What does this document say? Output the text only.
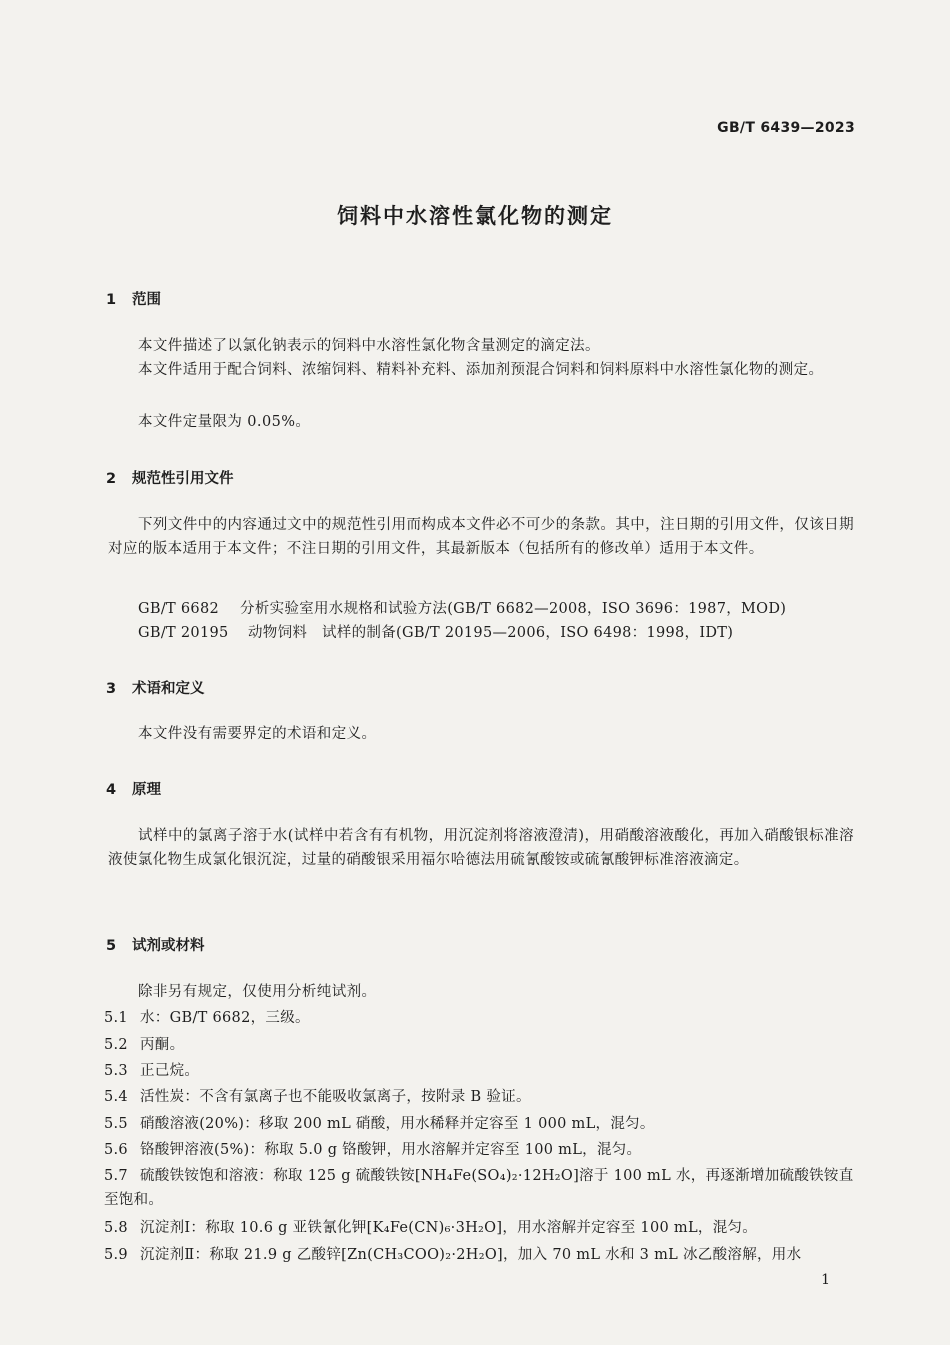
GB/T 6439—2023
饲料中水溶性氯化物的测定
1 范围
本文件描述了以氯化钠表示的饲料中水溶性氯化物含量测定的滴定法。
本文件适用于配合饲料、浓缩饲料、精料补充料、添加剂预混合饲料和饲料原料中水溶性氯化物的测定。
本文件定量限为 0.05%。
2 规范性引用文件
下列文件中的内容通过文中的规范性引用而构成本文件必不可少的条款。其中，注日期的引用文件，仅该日期对应的版本适用于本文件；不注日期的引用文件，其最新版本（包括所有的修改单）适用于本文件。
GB/T 6682 分析实验室用水规格和试验方法(GB/T 6682—2008，ISO 3696：1987，MOD)
GB/T 20195 动物饲料　试样的制备(GB/T 20195—2006，ISO 6498：1998，IDT)
3 术语和定义
本文件没有需要界定的术语和定义。
4 原理
试样中的氯离子溶于水(试样中若含有有机物，用沉淀剂将溶液澄清)，用硝酸溶液酸化，再加入硝酸银标准溶液使氯化物生成氯化银沉淀，过量的硝酸银采用福尔哈德法用硫氰酸铵或硫氰酸钾标准溶液滴定。
5 试剂或材料
除非另有规定，仅使用分析纯试剂。
5.1 水：GB/T 6682，三级。
5.2 丙酮。
5.3 正己烷。
5.4 活性炭：不含有氯离子也不能吸收氯离子，按附录 B 验证。
5.5 硝酸溶液(20%)：移取 200 mL 硝酸，用水稀释并定容至 1 000 mL，混匀。
5.6 铬酸钾溶液(5%)：称取 5.0 g 铬酸钾，用水溶解并定容至 100 mL，混匀。
5.7 硫酸铁铵饱和溶液：称取 125 g 硫酸铁铵[NH₄Fe(SO₄)₂·12H₂O]溶于 100 mL 水，再逐渐增加硫酸铁铵直至饱和。
5.8 沉淀剂Ⅰ：称取 10.6 g 亚铁氰化钾[K₄Fe(CN)₆·3H₂O]，用水溶解并定容至 100 mL，混匀。
5.9 沉淀剂Ⅱ：称取 21.9 g 乙酸锌[Zn(CH₃COO)₂·2H₂O]，加入 70 mL 水和 3 mL 冰乙酸溶解，用水
1
